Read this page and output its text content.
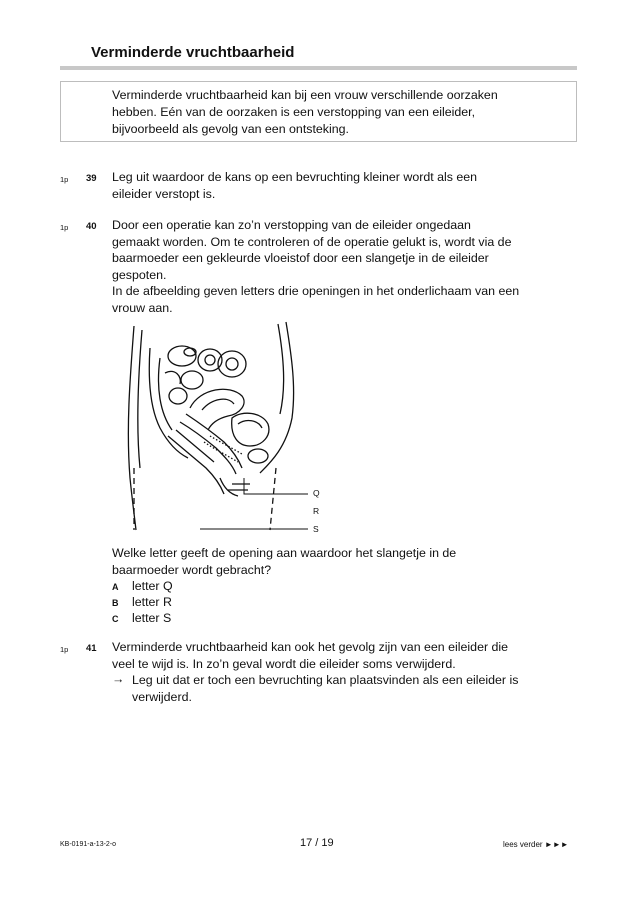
Verminderde vruchtbaarheid
Verminderde vruchtbaarheid kan bij een vrouw verschillende oorzaken
hebben. Eén van de oorzaken is een verstopping van een eileider,
bijvoorbeeld als gevolg van een ontsteking.
1p 39 Leg uit waardoor de kans op een bevruchting kleiner wordt als een
eileider verstopt is.
1p 40 Door een operatie kan zo’n verstopping van de eileider ongedaan
gemaakt worden. Om te controleren of de operatie gelukt is, wordt via de
baarmoeder een gekleurde vloeistof door een slangetje in de eileider
gespoten.
In de afbeelding geven letters drie openingen in het onderlichaam van een
vrouw aan.
Q
R
S
Welke letter geeft de opening aan waardoor het slangetje in de
baarmoeder wordt gebracht?
A letter Q
B letter R
C letter S
1p 41 Verminderde vruchtbaarheid kan ook het gevolg zijn van een eileider die
veel te wijd is. In zo’n geval wordt die eileider soms verwijderd.
→ Leg uit dat er toch een bevruchting kan plaatsvinden als een eileider is
verwijderd.
KB-0191-a-13-2-o	17 / 19	lees verder ►►►
